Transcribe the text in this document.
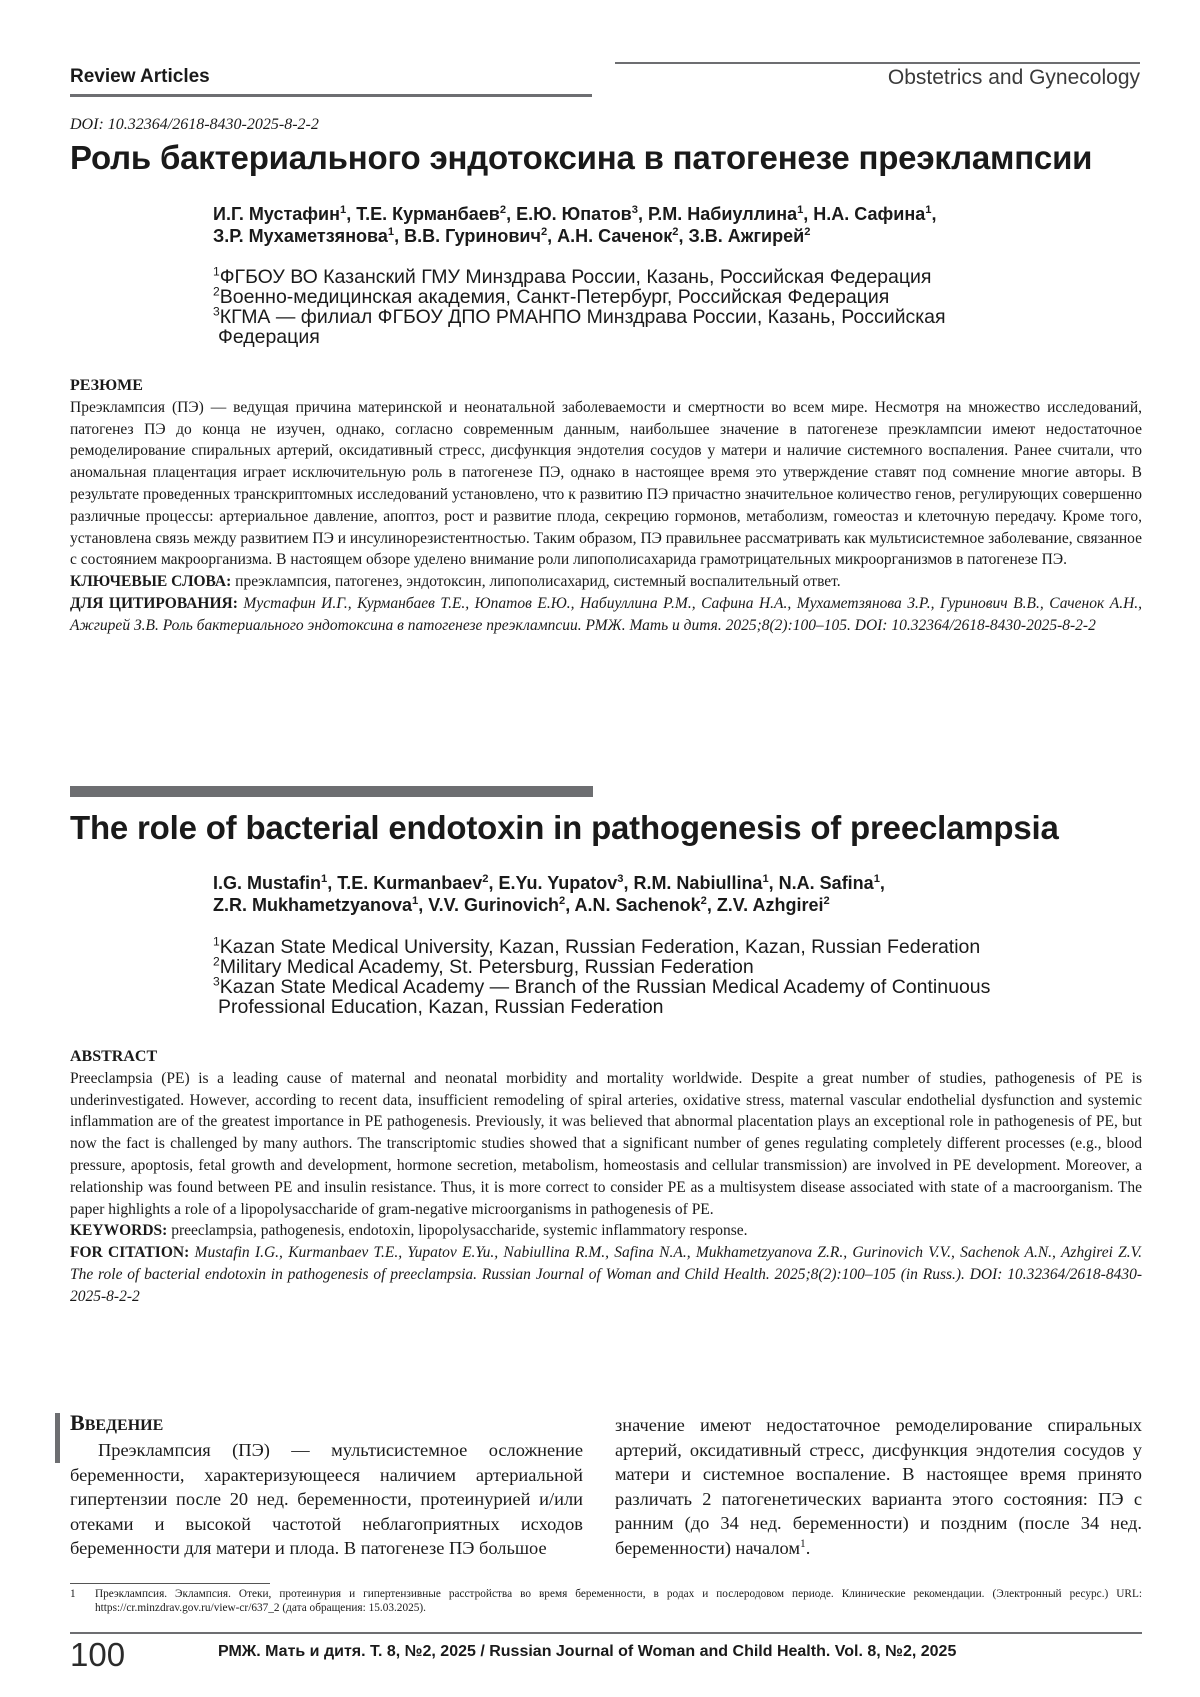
Review Articles	Obstetrics and Gynecology
DOI: 10.32364/2618-8430-2025-8-2-2
Роль бактериального эндотоксина в патогенезе преэклампсии
И.Г. Мустафин$^1$, Т.Е. Курманбаев$^2$, Е.Ю. Юпатов$^3$, Р.М. Набиуллина$^1$, Н.А. Сафина$^1$,
З.Р. Мухаметзянова$^1$, В.В. Гуринович$^2$, А.Н. Саченок$^2$, З.В. Ажгирей$^2$
$^1$ФГБОУ ВО Казанский ГМУ Минздрава России, Казань, Российская Федерация
$^2$Военно-медицинская академия, Санкт-Петербург, Российская Федерация
$^3$КГМА — филиал ФГБОУ ДПО РМАНПО Минздрава России, Казань, Российская
Федерация
РЕЗЮМЕ
Преэклампсия (ПЭ) — ведущая причина материнской и неонатальной заболеваемости и смертности во всем мире. Несмотря на множество исследований, патогенез ПЭ до конца не изучен, однако, согласно современным данным, наибольшее значение в патогенезе преэклампсии имеют недостаточное ремоделирование спиральных артерий, оксидативный стресс, дисфункция эндотелия сосудов у матери и наличие системного воспаления. Ранее считали, что аномальная плацентация играет исключительную роль в патогенезе ПЭ, однако в настоящее время это утверждение ставят под сомнение многие авторы. В результате проведенных транскриптомных исследований установлено, что к развитию ПЭ причастно значительное количество генов, регулирующих совершенно различные процессы: артериальное давление, апоптоз, рост и развитие плода, секрецию гормонов, метаболизм, гомеостаз и клеточную передачу. Кроме того, установлена связь между развитием ПЭ и инсулинорезистентностью. Таким образом, ПЭ правильнее рассматривать как мультисистемное заболевание, связанное с состоянием макроорганизма. В настоящем обзоре уделено внимание роли липополисахарида грамотрицательных микроорганизмов в патогенезе ПЭ.
КЛЮЧЕВЫЕ СЛОВА: преэклампсия, патогенез, эндотоксин, липополисахарид, системный воспалительный ответ.
ДЛЯ ЦИТИРОВАНИЯ: Мустафин И.Г., Курманбаев Т.Е., Юпатов Е.Ю., Набиуллина Р.М., Сафина Н.А., Мухаметзянова З.Р., Гуринович В.В., Саченок А.Н., Ажгирей З.В. Роль бактериального эндотоксина в патогенезе преэклампсии. РМЖ. Мать и дитя. 2025;8(2):100–105. DOI: 10.32364/2618-8430-2025-8-2-2
The role of bacterial endotoxin in pathogenesis of preeclampsia
I.G. Mustafin$^1$, T.E. Kurmanbaev$^2$, E.Yu. Yupatov$^3$, R.M. Nabiullina$^1$, N.A. Safina$^1$,
Z.R. Mukhametzyanova$^1$, V.V. Gurinovich$^2$, A.N. Sachenok$^2$, Z.V. Azhgirei$^2$
$^1$Kazan State Medical University, Kazan, Russian Federation, Kazan, Russian Federation
$^2$Military Medical Academy, St. Petersburg, Russian Federation
$^3$Kazan State Medical Academy — Branch of the Russian Medical Academy of Continuous
Professional Education, Kazan, Russian Federation
ABSTRACT
Preeclampsia (PE) is a leading cause of maternal and neonatal morbidity and mortality worldwide. Despite a great number of studies, pathogenesis of PE is underinvestigated. However, according to recent data, insufficient remodeling of spiral arteries, oxidative stress, maternal vascular endothelial dysfunction and systemic inflammation are of the greatest importance in PE pathogenesis. Previously, it was believed that abnormal placentation plays an exceptional role in pathogenesis of PE, but now the fact is challenged by many authors. The transcriptomic studies showed that a significant number of genes regulating completely different processes (e.g., blood pressure, apoptosis, fetal growth and development, hormone secretion, metabolism, homeostasis and cellular transmission) are involved in PE development. Moreover, a relationship was found between PE and insulin resistance. Thus, it is more correct to consider PE as a multisystem disease associated with state of a macroorganism. The paper highlights a role of a lipopolysaccharide of gram-negative microorganisms in pathogenesis of PE.
KEYWORDS: preeclampsia, pathogenesis, endotoxin, lipopolysaccharide, systemic inflammatory response.
FOR CITATION: Mustafin I.G., Kurmanbaev T.E., Yupatov E.Yu., Nabiullina R.M., Safina N.A., Mukhametzyanova Z.R., Gurinovich V.V., Sachenok A.N., Azhgirei Z.V. The role of bacterial endotoxin in pathogenesis of preeclampsia. Russian Journal of Woman and Child Health. 2025;8(2):100–105 (in Russ.). DOI: 10.32364/2618-8430-2025-8-2-2
ВВЕДЕНИЕ
Преэклампсия (ПЭ) — мультисистемное осложнение беременности, характеризующееся наличием артериальной гипертензии после 20 нед. беременности, протеинурией и/или отеками и высокой частотой неблагоприятных исходов беременности для матери и плода. В патогенезе ПЭ большое
значение имеют недостаточное ремоделирование спиральных артерий, оксидативный стресс, дисфункция эндотелия сосудов у матери и системное воспаление. В настоящее время принято различать 2 патогенетических варианта этого состояния: ПЭ с ранним (до 34 нед. беременности) и поздним (после 34 нед. беременности) началом$^1$.
1	Преэклампсия. Эклампсия. Отеки, протеинурия и гипертензивные расстройства во время беременности, в родах и послеродовом периоде. Клинические рекомендации. (Электронный ресурс.) URL: https://cr.minzdrav.gov.ru/view-cr/637_2 (дата обращения: 15.03.2025).
100	РМЖ. Мать и дитя. Т. 8, №2, 2025 / Russian Journal of Woman and Child Health. Vol. 8, №2, 2025
